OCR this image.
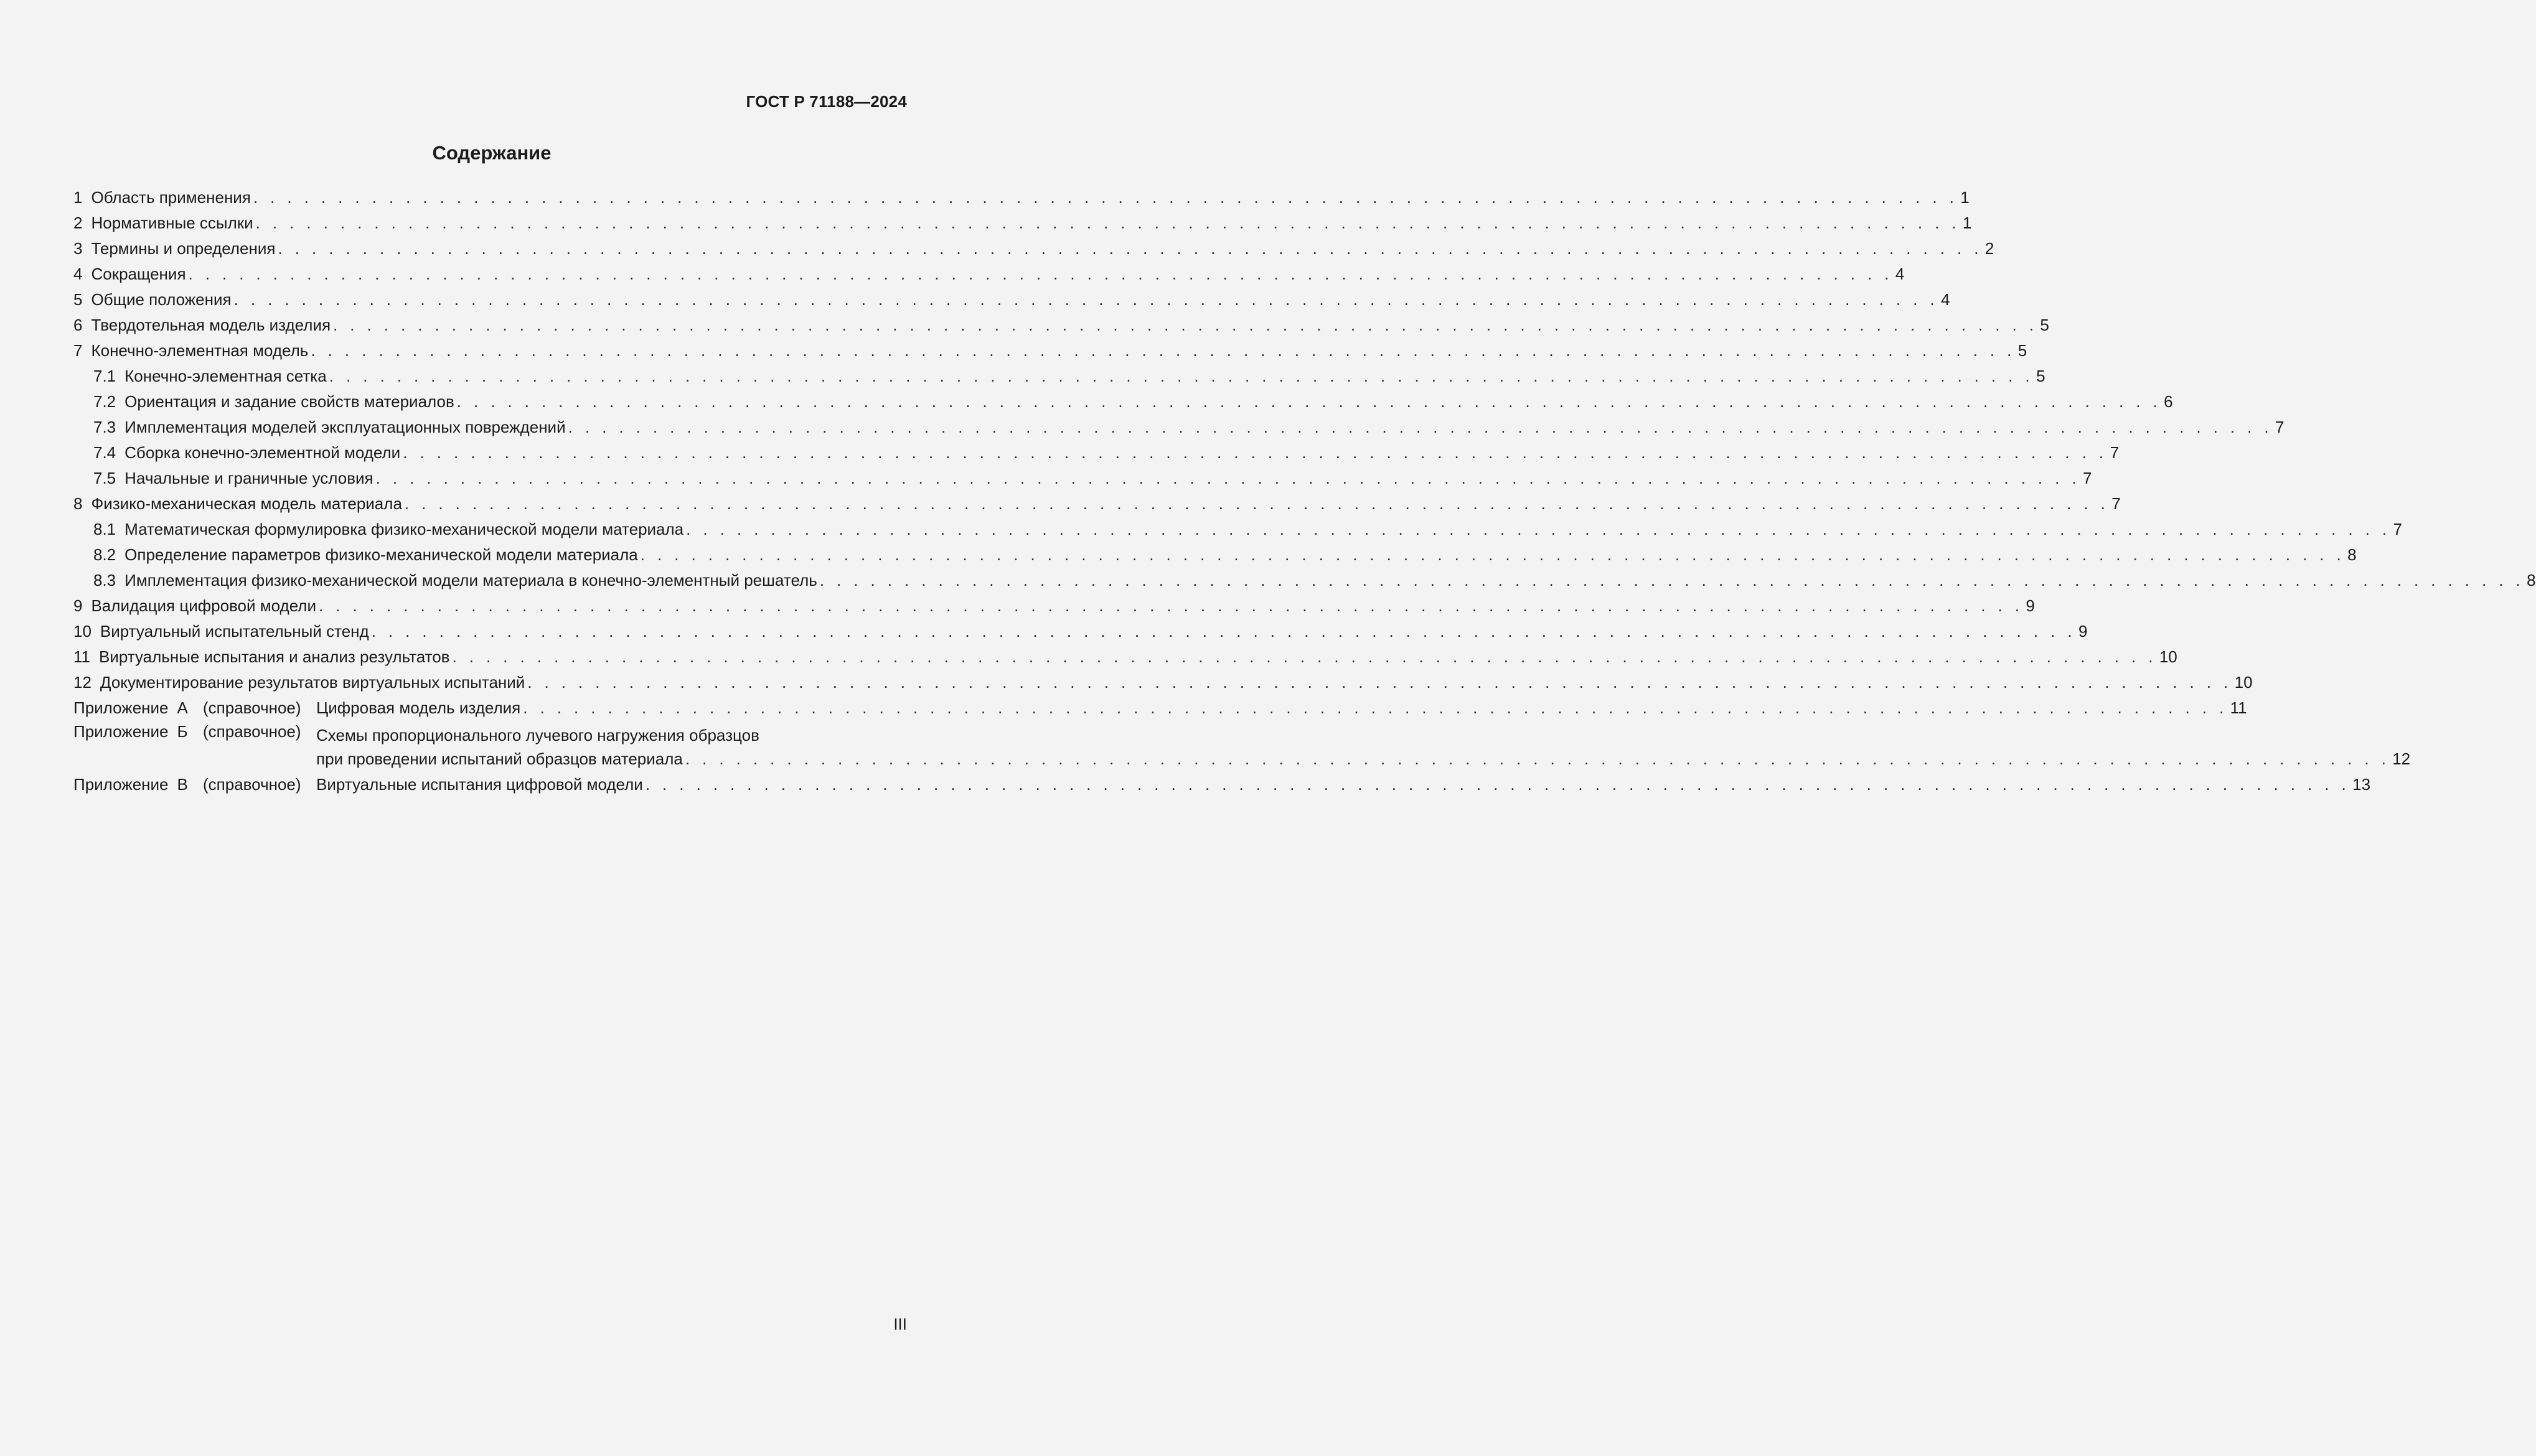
ГОСТ Р 71188—2024
Содержание
1 Область применения . . . . . . . . . . . . . . . . . . . . . . . . . . . . . . . . . . . . . . . . . . . . . . . . . . . . . . . . . . . . . . . . . . . . . . . . . . . . . . . . . . . . . . . . . . . . . . . . . . . . . 1
2 Нормативные ссылки . . . . . . . . . . . . . . . . . . . . . . . . . . . . . . . . . . . . . . . . . . . . . . . . . . . . . . . . . . . . . . . . . . . . . . . . . . . . . . . . . . . . . . . . . . . . . . . . . . . . . 1
3 Термины и определения . . . . . . . . . . . . . . . . . . . . . . . . . . . . . . . . . . . . . . . . . . . . . . . . . . . . . . . . . . . . . . . . . . . . . . . . . . . . . . . . . . . . . . . . . . . . . . . . . . . . . 2
4 Сокращения . . . . . . . . . . . . . . . . . . . . . . . . . . . . . . . . . . . . . . . . . . . . . . . . . . . . . . . . . . . . . . . . . . . . . . . . . . . . . . . . . . . . . . . . . . . . . . . . . . . . . 4
5 Общие положения . . . . . . . . . . . . . . . . . . . . . . . . . . . . . . . . . . . . . . . . . . . . . . . . . . . . . . . . . . . . . . . . . . . . . . . . . . . . . . . . . . . . . . . . . . . . . . . . . . . . . 4
6 Твердотельная модель изделия . . . . . . . . . . . . . . . . . . . . . . . . . . . . . . . . . . . . . . . . . . . . . . . . . . . . . . . . . . . . . . . . . . . . . . . . . . . . . . . . . . . . . . . . . . . . . . . . . . . . . 5
7 Конечно-элементная модель . . . . . . . . . . . . . . . . . . . . . . . . . . . . . . . . . . . . . . . . . . . . . . . . . . . . . . . . . . . . . . . . . . . . . . . . . . . . . . . . . . . . . . . . . . . . . . . . . . . . . 5
7.1 Конечно-элементная сетка . . . . . . . . . . . . . . . . . . . . . . . . . . . . . . . . . . . . . . . . . . . . . . . . . . . . . . . . . . . . . . . . . . . . . . . . . . . . . . . . . . . . . . . . . . . . . . . . . . . . . 5
7.2 Ориентация и задание свойств материалов . . . . . . . . . . . . . . . . . . . . . . . . . . . . . . . . . . . . . . . . . . . . . . . . . . . . . . . . . . . . . . . . . . . . . . . . . . . . . . . . . . . . . . . . . . . . . . . . . . . . . 6
7.3 Имплементация моделей эксплуатационных повреждений . . . . . . . . . . . . . . . . . . . . . . . . . . . . . . . . . . . . . . . . . . . . . . . . . . . . . . . . . . . . . . . . . . . . . . . . . . . . . . . . . . . . . . . . . . . . . . . . . . . . . 7
7.4 Сборка конечно-элементной модели . . . . . . . . . . . . . . . . . . . . . . . . . . . . . . . . . . . . . . . . . . . . . . . . . . . . . . . . . . . . . . . . . . . . . . . . . . . . . . . . . . . . . . . . . . . . . . . . . . . . . 7
7.5 Начальные и граничные условия . . . . . . . . . . . . . . . . . . . . . . . . . . . . . . . . . . . . . . . . . . . . . . . . . . . . . . . . . . . . . . . . . . . . . . . . . . . . . . . . . . . . . . . . . . . . . . . . . . . . . 7
8 Физико-механическая модель материала . . . . . . . . . . . . . . . . . . . . . . . . . . . . . . . . . . . . . . . . . . . . . . . . . . . . . . . . . . . . . . . . . . . . . . . . . . . . . . . . . . . . . . . . . . . . . . . . . . . . . 7
8.1 Математическая формулировка физико-механической модели материала . . . . . . . . . . . . . . . . . . . . . . . . . . . . . . . . . . . . . . . . . . . . . . . . . . . . . . . . . . . . . . . . . . . . . . . . . . . . . . . . . . . . . . . . . . . . . . . . . . . . . 7
8.2 Определение параметров физико-механической модели материала . . . . . . . . . . . . . . . . . . . . . . . . . . . . . . . . . . . . . . . . . . . . . . . . . . . . . . . . . . . . . . . . . . . . . . . . . . . . . . . . . . . . . . . . . . . . . . . . . . . . . 8
8.3 Имплементация физико-механической модели материала в конечно-элементный решатель . . . . . . . . . . . . . . . . . . . . . . . . . . . . . . . . . . . . . . . . . . . . . . . . . . . . . . . . . . . . . . . . . . . . . . . . . . . . . . . . . . . . . . . . . . . . . . . . . . . . . 8
9 Валидация цифровой модели . . . . . . . . . . . . . . . . . . . . . . . . . . . . . . . . . . . . . . . . . . . . . . . . . . . . . . . . . . . . . . . . . . . . . . . . . . . . . . . . . . . . . . . . . . . . . . . . . . . . . 9
10 Виртуальный испытательный стенд . . . . . . . . . . . . . . . . . . . . . . . . . . . . . . . . . . . . . . . . . . . . . . . . . . . . . . . . . . . . . . . . . . . . . . . . . . . . . . . . . . . . . . . . . . . . . . . . . . . . . 9
11 Виртуальные испытания и анализ результатов . . . . . . . . . . . . . . . . . . . . . . . . . . . . . . . . . . . . . . . . . . . . . . . . . . . . . . . . . . . . . . . . . . . . . . . . . . . . . . . . . . . . . . . . . . . . . . . . . . . . . 10
12 Документирование результатов виртуальных испытаний . . . . . . . . . . . . . . . . . . . . . . . . . . . . . . . . . . . . . . . . . . . . . . . . . . . . . . . . . . . . . . . . . . . . . . . . . . . . . . . . . . . . . . . . . . . . . . . . . . . . . 10
Приложение А (справочное) Цифровая модель изделия . . . . . . . . . . . . . . . . . . . . . . . . . . . . . . . . . . . . . . . . . . . . . . . . . . . . . . . . . . . . . . . . . . . . . . . . . . . . . . . . . . . . . . . . . . . . . . . . . . . . . 11
Приложение Б (справочное) Схемы пропорционального лучевого нагружения образцов
при проведении испытаний образцов материала . . . . . . . . . . . . . . . . . . . . . . . . . . . . . . . . . . . . . . . . . . . . . . . . . . . . . . . . . . . . . . . . . . . . . . . . . . . . . . . . . . . . . . . . . . . . . . . . . . . . . 12
Приложение В (справочное) Виртуальные испытания цифровой модели . . . . . . . . . . . . . . . . . . . . . . . . . . . . . . . . . . . . . . . . . . . . . . . . . . . . . . . . . . . . . . . . . . . . . . . . . . . . . . . . . . . . . . . . . . . . . . . . . . . . . 13
III
